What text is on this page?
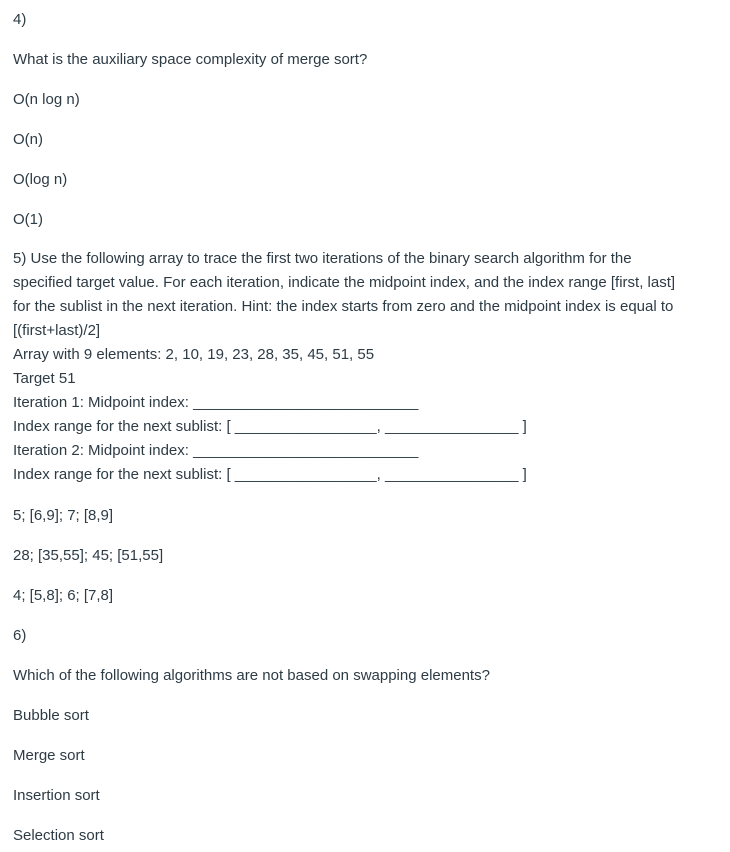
4)
What is the auxiliary space complexity of merge sort?
O(n log n)
O(n)
O(log n)
O(1)
5) Use the following array to trace the first two iterations of the binary search algorithm for the
specified target value. For each iteration, indicate the midpoint index, and the index range [first, last]
for the sublist in the next iteration. Hint: the index starts from zero and the midpoint index is equal to
[(first+last)/2]
Array with 9 elements: 2, 10, 19, 23, 28, 35, 45, 51, 55
Target 51
Iteration 1: Midpoint index: ___________________________
Index range for the next sublist: [ _________________, ________________ ]
Iteration 2: Midpoint index: ___________________________
Index range for the next sublist: [ _________________, ________________ ]
5; [6,9]; 7; [8,9]
28; [35,55]; 45; [51,55]
4; [5,8]; 6; [7,8]
6)
Which of the following algorithms are not based on swapping elements?
Bubble sort
Merge sort
Insertion sort
Selection sort
